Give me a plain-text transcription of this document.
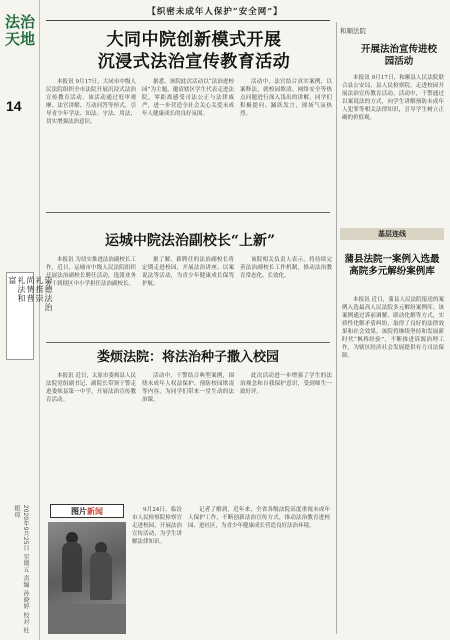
法治天地
14
崇德法治
礼推崇
尚情普
礼法和
富
2020年9月25日 星期五 责编 孙晓婷 校对 杜振琼
【织密未成年人保护“安全网”】
大同中院创新模式开展
沉浸式法治宣传教育活动

本报讯 9月17日，大同市中级人民法院组织全市法院开展沉浸式法治宣传教育活动。该活动通过庭审观摩、法官讲解、互动问答等形式，引导青少年学法、知法、守法、用法，切实增强法治意识。

据悉，该院此次活动以“法治进校园”为主题，邀请辖区学生代表走进法院，零距离感受司法公正与法律威严，进一步营造全社会关心关爱未成年人健康成长的良好氛围。

活动中，法官结合真实案例，以案释法，就校园欺凌、网络安全等热点问题进行深入浅出的讲解，同学们积极提问、踊跃发言，现场气氛热烈。

运城中院法治副校长“上新”

本报讯 为切实推进法治副校长工作，近日，运城市中级人民法院组织开展法治副校长聘任活动，选派业务骨干到辖区中小学担任法治副校长。

据了解，新聘任的法治副校长将定期走进校园，开展法治讲座、以案说法等活动，为青少年健康成长保驾护航。

该院相关负责人表示，将持续完善法治副校长工作机制，推动法治教育常态化、长效化。

娄烦法院：将法治种子撒入校园

本报讯 近日，太原市娄烦县人民法院党组副书记、副院长带领干警走进娄烦县第一中学，开展法治宣传教育活动。

活动中，干警结合典型案例，围绕未成年人权益保护、预防校园欺凌等内容，为同学们带来一堂生动的法治课。

此次活动进一步增强了学生的法治观念和自我保护意识，受到师生一致好评。

图片新闻	9月24日，临汾市人民检察院检察官走进校园，开展法治宣传活动，为学生讲解法律知识。

记者了解到，近年来，全省各级法院高度重视未成年人保护工作，不断创新法治宣传方式，推动法治教育进校园、进社区，为青少年健康成长营造良好法治环境。

和顺法院
开展法治宣传进校园活动

本报讯 9月17日，和顺县人民法院联合县公安局、县人民检察院，走进校园开展法治宣传教育活动。活动中，干警通过以案说法的方式，向学生讲解预防未成年人犯罪等相关法律知识，引导学生树立正确的价值观。

基层连线
蒲县法院一案例入选最高院多元解纷案例库

本报讯 近日，蒲县人民法院报送的案例入选最高人民法院多元解纷案例库。该案例通过诉前调解、联动化解等方式，实质性化解矛盾纠纷，取得了良好的法律效果和社会效果。该院将继续坚持和发展新时代“枫桥经验”，不断推进诉源治理工作，为辖区经济社会发展提供有力司法保障。
